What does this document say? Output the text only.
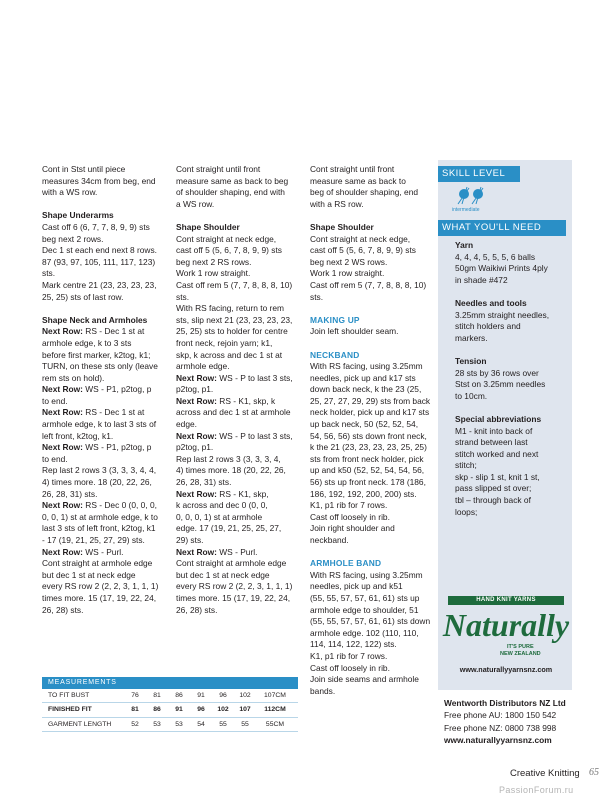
Cont in Stst until piece
measures 34cm from beg, end
with a WS row.

Shape Underarms

Cast off 6 (6, 7, 7, 8, 9, 9) sts
beg next 2 rows.
Dec 1 st each end next 8 rows.
87 (93, 97, 105, 111, 117, 123)
sts.
Mark centre 21 (23, 23, 23, 23,
25, 25) sts of last row.

Shape Neck and Armholes

Next Row: RS - Dec 1 st at
armhole edge, k to 3 sts
before first marker, k2tog, k1;
TURN, on these sts only (leave
rem sts on hold).

Next Row: WS - P1, p2tog, p
to end.

Next Row: RS - Dec 1 st at
armhole edge, k to last 3 sts of
left front, k2tog, k1.

Next Row: WS - P1, p2tog, p
to end.

Rep last 2 rows 3 (3, 3, 3, 4, 4,
4) times more. 18 (20, 22, 26,
26, 28, 31) sts.

Next Row: RS - Dec 0 (0, 0, 0,
0, 0, 1) st at armhole edge, k to
last 3 sts of left front, k2tog, k1
- 17 (19, 21, 25, 27, 29) sts.

Next Row: WS - Purl.

Cont straight at armhole edge
but dec 1 st at neck edge
every RS row 2 (2, 2, 3, 1, 1, 1)
times more. 15 (17, 19, 22, 24,
26, 28) sts.

Cont straight until front
measure same as back to beg
of shoulder shaping, end with
a WS row.

Shape Shoulder

Cont straight at neck edge,
cast off 5 (5, 6, 7, 8, 9, 9) sts
beg next 2 RS rows.
Work 1 row straight.
Cast off rem 5 (7, 7, 8, 8, 8, 10)
sts.
With RS facing, return to rem
sts, slip next 21 (23, 23, 23, 23,
25, 25) sts to holder for centre
front neck, rejoin yarn; k1,
skp, k across and dec 1 st at
armhole edge.

Next Row: WS - P to last 3 sts,
p2tog, p1.

Next Row: RS - K1, skp, k
across and dec 1 st at armhole
edge.

Next Row: WS - P to last 3 sts,
p2tog, p1.

Rep last 2 rows 3 (3, 3, 3, 4,
4) times more. 18 (20, 22, 26,
26, 28, 31) sts.

Next Row: RS - K1, skp,
k across and dec 0 (0, 0,
0, 0, 0, 1) st at armhole
edge. 17 (19, 21, 25, 25, 27,
29) sts.

Next Row: WS - Purl.

Cont straight at armhole edge
but dec 1 st at neck edge
every RS row 2 (2, 2, 3, 1, 1, 1)
times more. 15 (17, 19, 22, 24,
26, 28) sts.

Cont straight until front
measure same as back to
beg of shoulder shaping, end
with a RS row.

Shape Shoulder

Cont straight at neck edge,
cast off 5 (5, 6, 7, 8, 9, 9) sts
beg next 2 WS rows.
Work 1 row straight.
Cast off rem 5 (7, 7, 8, 8, 8, 10)
sts.

MAKING UP

Join left shoulder seam.

NECKBAND

With RS facing, using 3.25mm
needles, pick up and k17 sts
down back neck, k the 23 (25,
25, 27, 27, 29, 29) sts from back
neck holder, pick up and k17 sts
up back neck, 50 (52, 52, 54,
54, 56, 56) sts down front neck,
k the 21 (23, 23, 23, 23, 25, 25)
sts from front neck holder, pick
up and k50 (52, 52, 54, 54, 56,
56) sts up front neck. 178 (186,
186, 192, 192, 200, 200) sts.
K1, p1 rib for 7 rows.
Cast off loosely in rib.
Join right shoulder and
neckband.

ARMHOLE BAND

With RS facing, using 3.25mm
needles, pick up and k51
(55, 55, 57, 57, 61, 61) sts up
armhole edge to shoulder, 51
(55, 55, 57, 57, 61, 61) sts down
armhole edge. 102 (110, 110,
114, 114, 122, 122) sts.
K1, p1 rib for 7 rows.
Cast off loosely in rib.
Join side seams and armhole
bands.

SKILL LEVEL
intermediate
WHAT YOU'LL NEED

Yarn

4, 4, 4, 5, 5, 5, 6 balls
50gm Waikiwi Prints 4ply
in shade #472

Needles and tools

3.25mm straight needles,
stitch holders and
markers.

Tension

28 sts by 36 rows over
Stst on 3.25mm needles
to 10cm.

Special abbreviations

M1 - knit into back of
strand between last
stitch worked and next
stitch;
skp - slip 1 st, knit 1 st,
pass slipped st over;
tbl – through back of
loops;

HAND KNIT YARNS
Naturally
IT'S PURE
NEW ZEALAND
www.naturallyyarnsnz.com

Wentworth Distributors NZ Ltd

Free phone AU: 1800 150 542

Free phone NZ: 0800 738 998

www.naturallyyarnsnz.com

MEASUREMENTS
TO FIT BUST	76	81	86	91	96	102	107CM
FINISHED FIT	81	86	91	96	102	107	112CM
GARMENT LENGTH	52	53	53	54	55	55	55CM
Creative Knitting 65
PassionForum.ru
